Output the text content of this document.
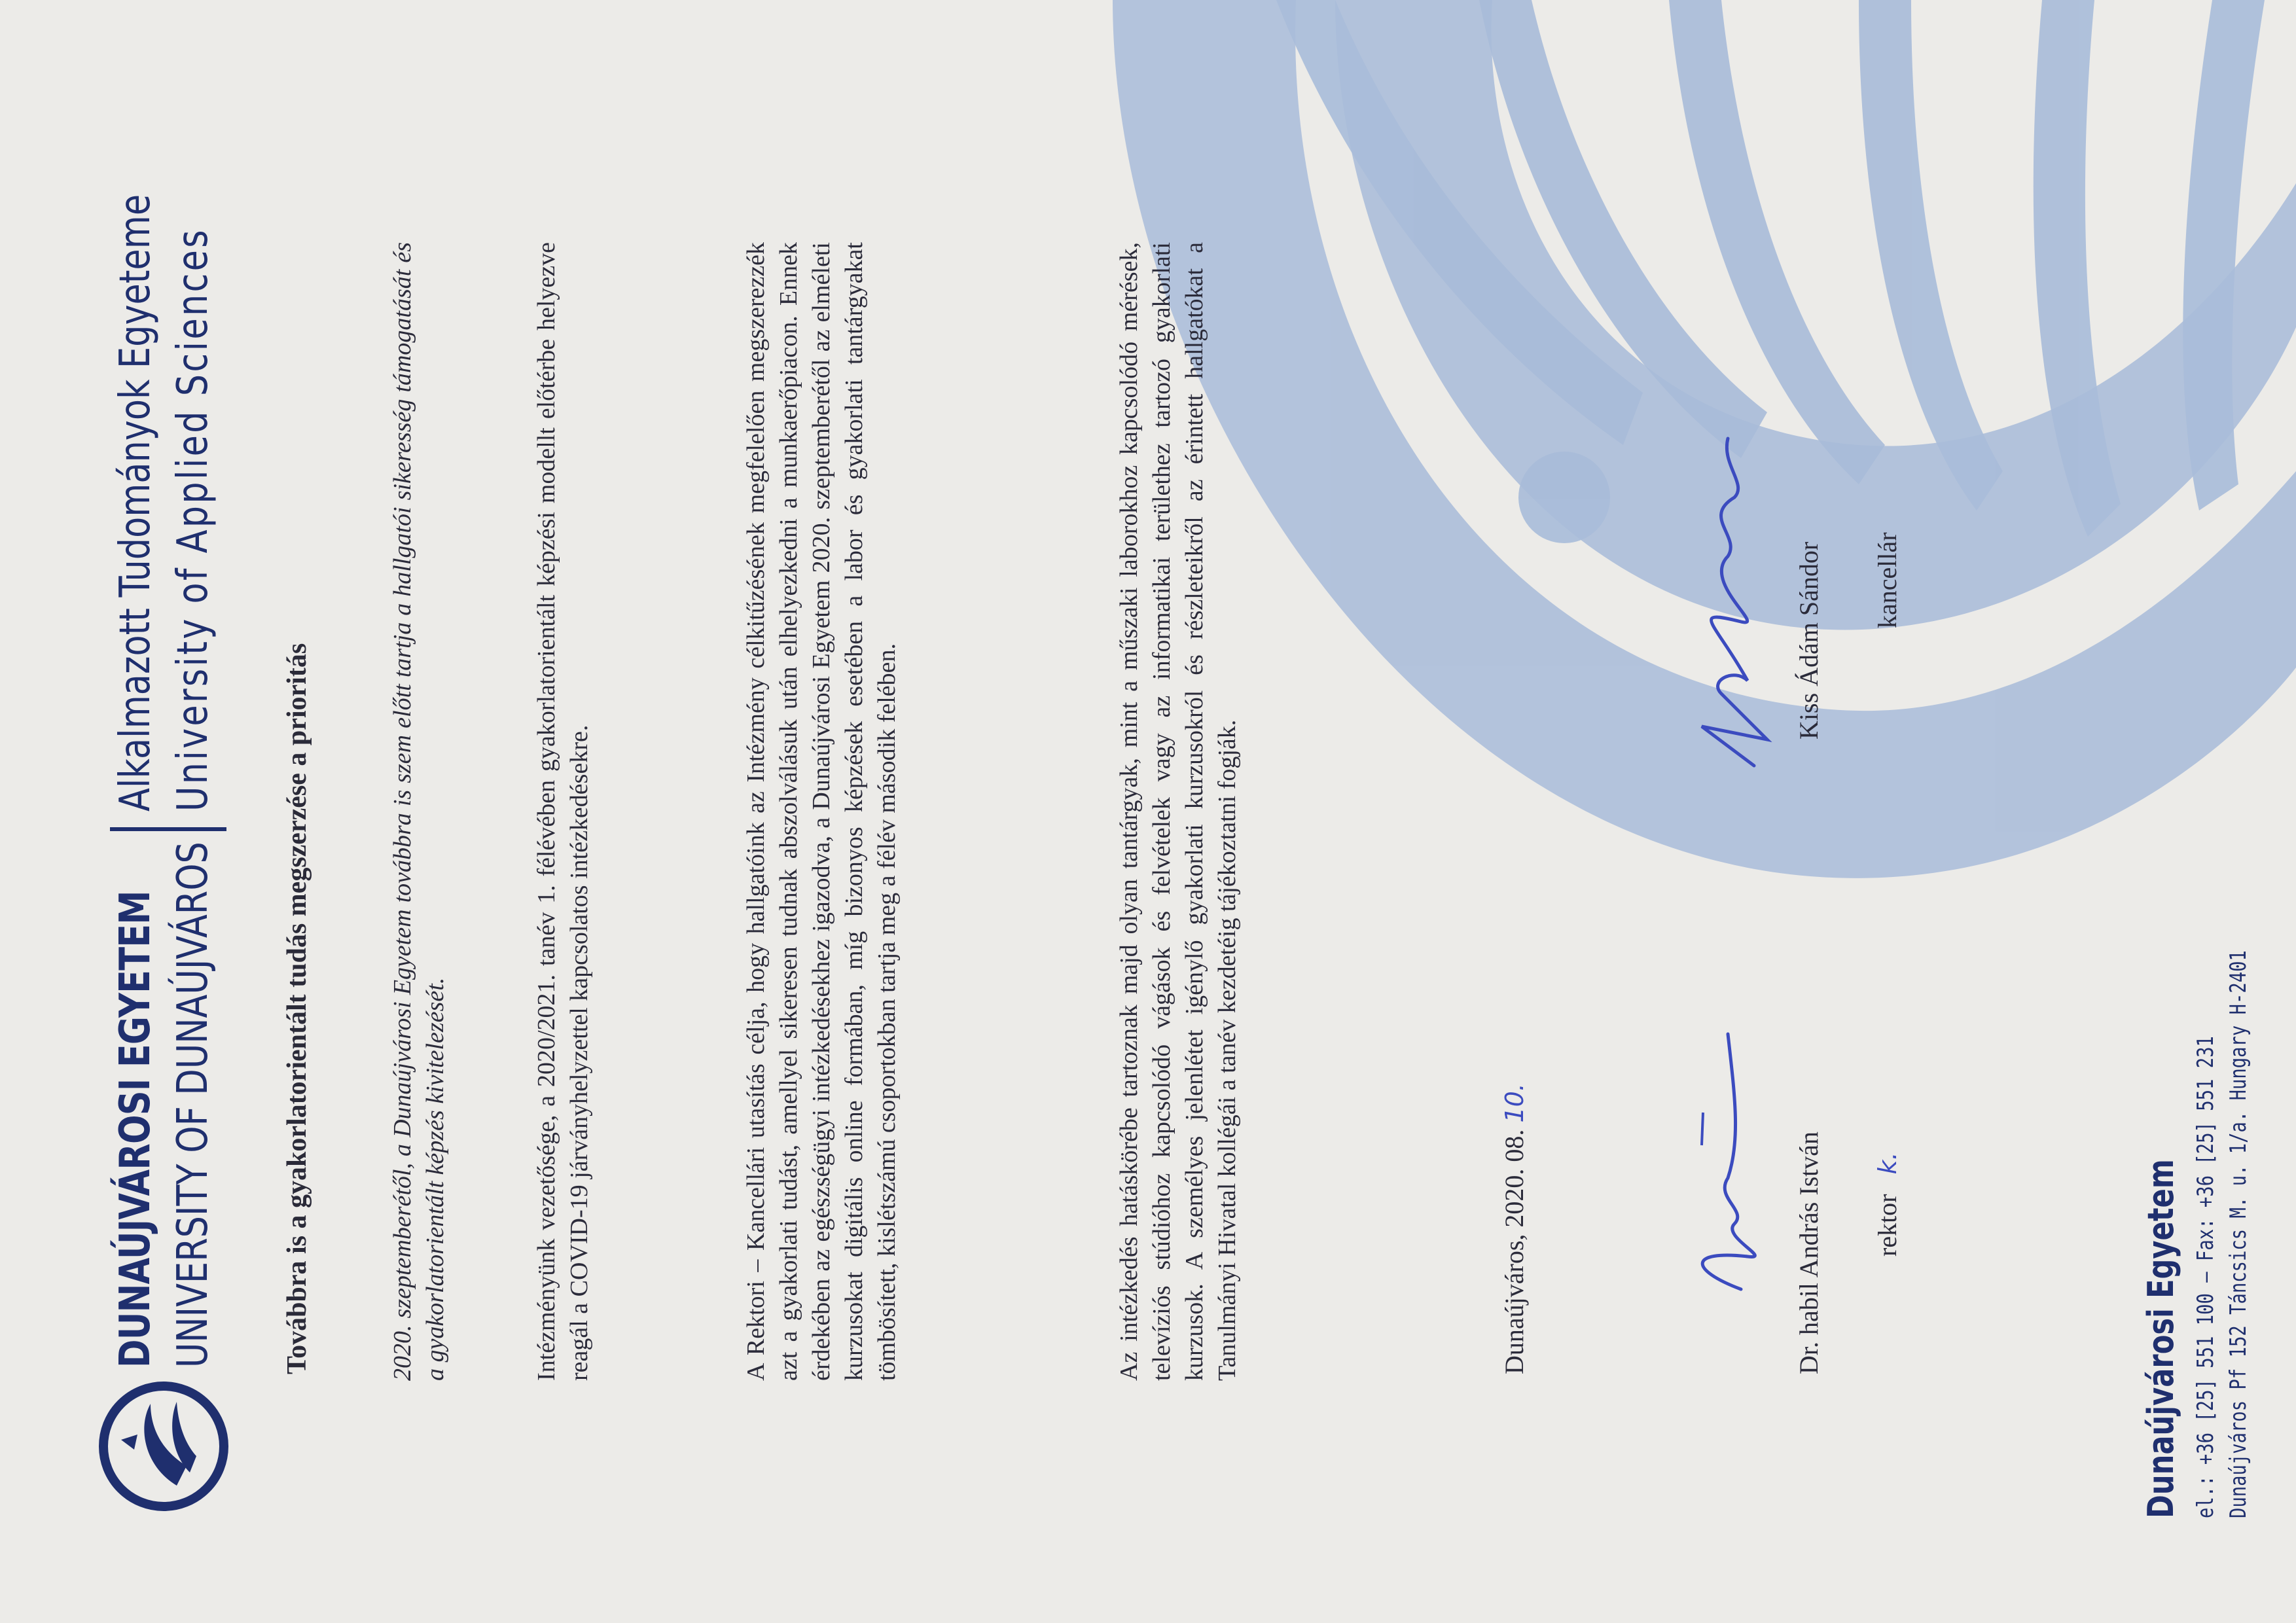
DUNAÚJVÁROSI EGYETEM UNIVERSITY OF DUNAÚJVÁROS
Alkalmazott Tudományok Egyeteme University of Applied Sciences
Továbbra is a gyakorlatorientált tudás megszerzése a prioritás	2020. szeptemberétől, a Dunaújvárosi Egyetem továbbra is szem előtt tartja a hallgatói sikeresség támogatását és a gyakorlatorientált képzés kivitelezését.	Intézményünk vezetősége, a 2020/2021. tanév 1. félévében gyakorlatorientált képzési modellt előtérbe helyezve reagál a COVID-19 járványhelyzettel kapcsolatos intézkedésekre.	A Rektori – Kancellári utasítás célja, hogy hallgatóink az Intézmény célkitűzésének megfelelően megszerezzék azt a gyakorlati tudást, amellyel sikeresen tudnak abszolválásuk után elhelyezkedni a munkaerőpiacon. Ennek érdekében az egészségügyi intézkedésekhez igazodva, a Dunaújvárosi Egyetem 2020. szeptemberétől az elméleti kurzusokat digitális online formában, míg bizonyos képzések esetében a labor és gyakorlati tantárgyakat tömbösített, kislétszámú csoportokban tartja meg a félév második felében.	Az intézkedés hatáskörébe tartoznak majd olyan tantárgyak, mint a műszaki laborokhoz kapcsolódó mérések, televíziós stúdióhoz kapcsolódó vágások és felvételek vagy az informatikai területhez tartozó gyakorlati kurzusok. A személyes jelenlétet igénylő gyakorlati kurzusokról és részleteikről az érintett hallgatókat a Tanulmányi Hivatal kollégái a tanév kezdetéig tájékoztatni fogják.	Dunaújváros, 2020. 08. 10.
Dr. habil András István rektor k.
Kiss Ádám Sándor kancellár
Dunaújvárosi Egyetem el.: +36 [25] 551 100 – Fax: +36 [25] 551 231 Dunaújváros Pf 152 Táncsics M. u. 1/a. Hungary H-2401
